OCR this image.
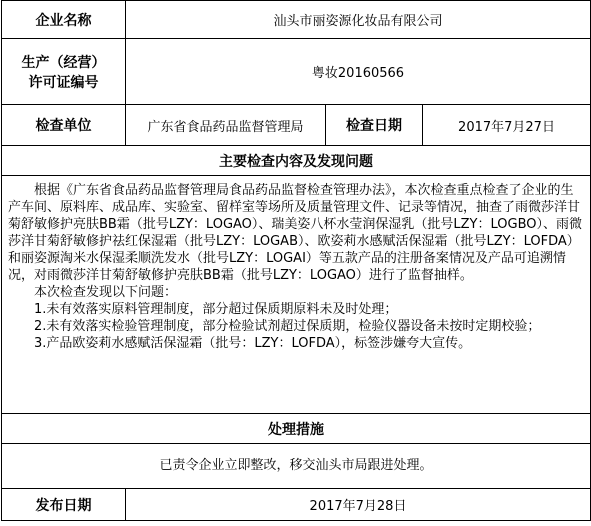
企业名称	汕头市丽姿源化妆品有限公司		

生产（经营）
许可证编号	粤妆20160566		
检查单位	广东省食品药品监督管理局	检查日期	2017年7月27日
主要检查内容及发现问题			

根据《广东省食品药品监督管理局食品药品监督检查管理办法》，本次检查重点检查了企业的生产车间、原料库、成品库、实验室、留样室等场所及质量管理文件、记录等情况，抽查了雨微莎洋甘菊舒敏修护亮肤BB霜（批号LZY：LOGAO）、瑞美姿八杯水莹润保湿乳（批号LZY：LOGBO）、雨微莎洋甘菊舒敏修护祛红保湿霜（批号LZY：LOGAB）、欧姿莉水感赋活保湿霜（批号LZY：LOFDA）和丽姿源淘米水保湿柔顺洗发水（批号LZY：LOGAI）等五款产品的注册备案情况及产品可追溯情况，对雨微莎洋甘菊舒敏修护亮肤BB霜（批号LZY：LOGAO）进行了监督抽样。

本次检查发现以下问题：

1.未有效落实原料管理制度，部分超过保质期原料未及时处理；

2.未有效落实检验管理制度，部分检验试剂超过保质期，检验仪器设备未按时定期校验；

3.产品欧姿莉水感赋活保湿霜（批号：LZY：LOFDA），标签涉嫌夸大宣传。			

处理措施			
已责令企业立即整改，移交汕头市局跟进处理。			
发布日期	2017年7月28日		
